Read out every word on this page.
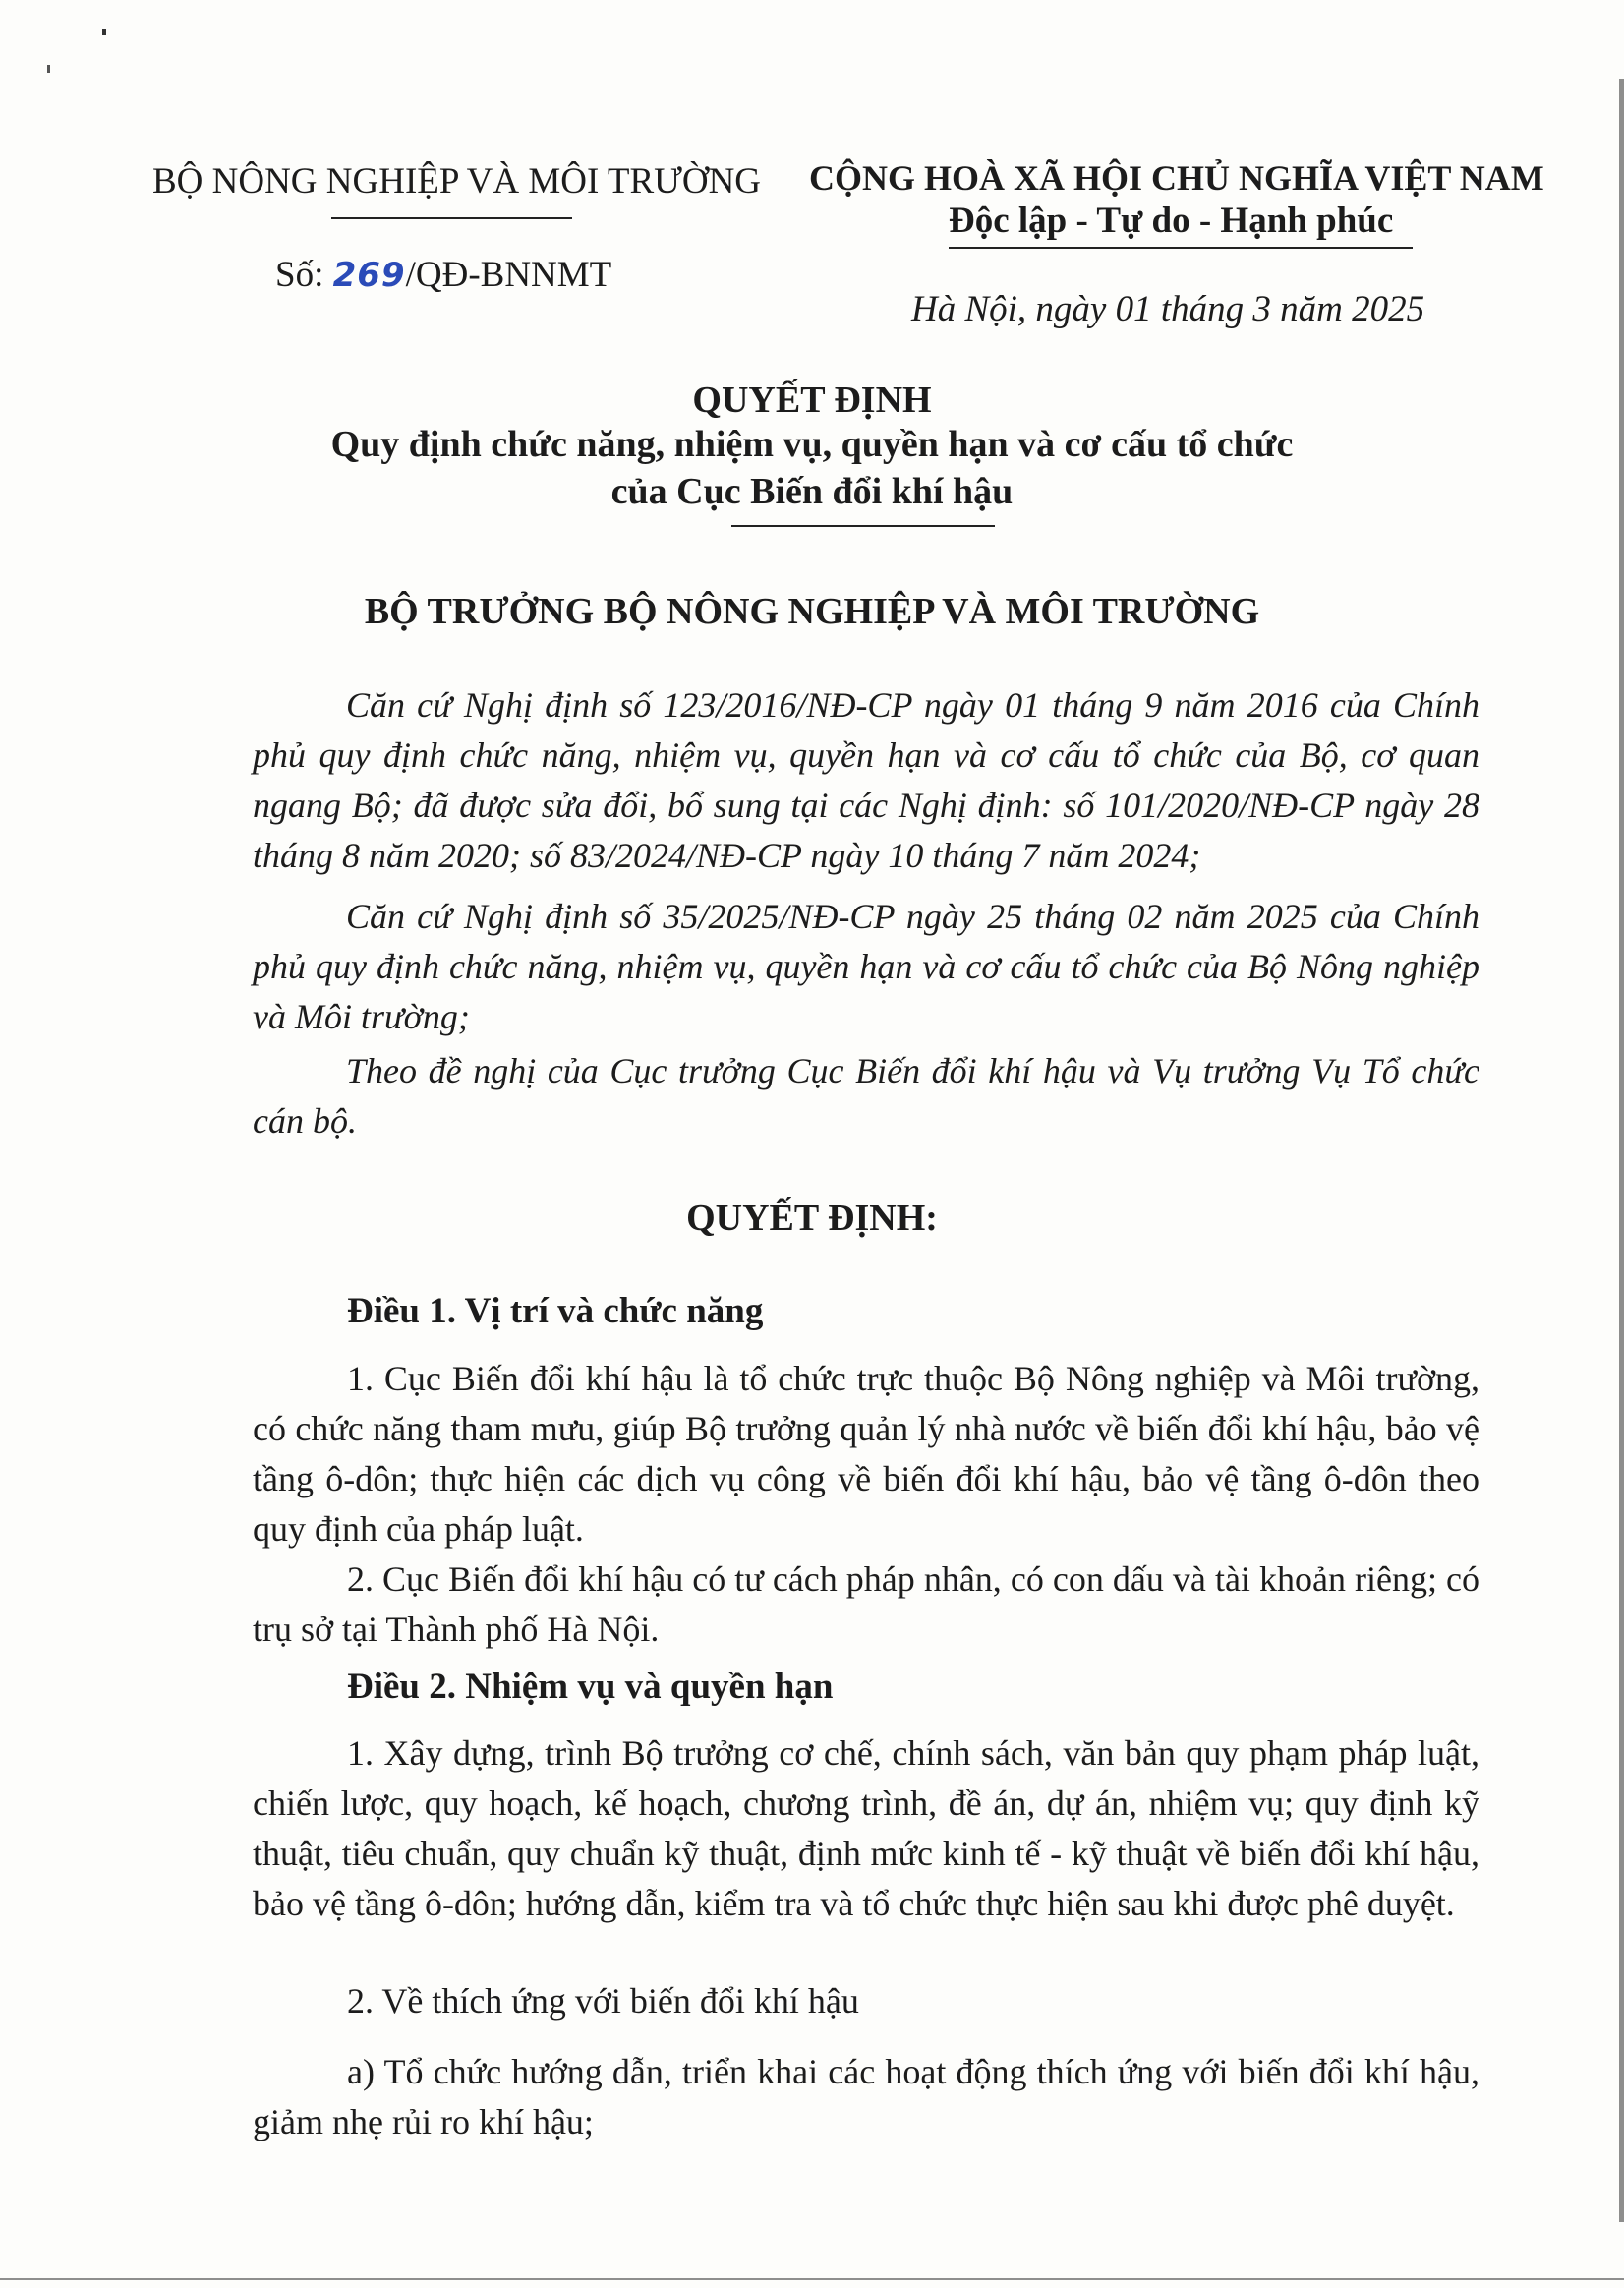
BỘ NÔNG NGHIỆP VÀ MÔI TRƯỜNG
Số: 269/QĐ-BNNMT
CỘNG HOÀ XÃ HỘI CHỦ NGHĨA VIỆT NAM
Độc lập - Tự do - Hạnh phúc
Hà Nội, ngày 01 tháng 3 năm 2025
QUYẾT ĐỊNH
Quy định chức năng, nhiệm vụ, quyền hạn và cơ cấu tổ chức
của Cục Biến đổi khí hậu
BỘ TRƯỞNG BỘ NÔNG NGHIỆP VÀ MÔI TRƯỜNG
Căn cứ Nghị định số 123/2016/NĐ-CP ngày 01 tháng 9 năm 2016 của Chính phủ quy định chức năng, nhiệm vụ, quyền hạn và cơ cấu tổ chức của Bộ, cơ quan ngang Bộ; đã được sửa đổi, bổ sung tại các Nghị định: số 101/2020/NĐ-CP ngày 28 tháng 8 năm 2020; số 83/2024/NĐ-CP ngày 10 tháng 7 năm 2024;
Căn cứ Nghị định số 35/2025/NĐ-CP ngày 25 tháng 02 năm 2025 của Chính phủ quy định chức năng, nhiệm vụ, quyền hạn và cơ cấu tổ chức của Bộ Nông nghiệp và Môi trường;
Theo đề nghị của Cục trưởng Cục Biến đổi khí hậu và Vụ trưởng Vụ Tổ chức cán bộ.
QUYẾT ĐỊNH:
Điều 1. Vị trí và chức năng
1. Cục Biến đổi khí hậu là tổ chức trực thuộc Bộ Nông nghiệp và Môi trường, có chức năng tham mưu, giúp Bộ trưởng quản lý nhà nước về biến đổi khí hậu, bảo vệ tầng ô-dôn; thực hiện các dịch vụ công về biến đổi khí hậu, bảo vệ tầng ô-dôn theo quy định của pháp luật.
2. Cục Biến đổi khí hậu có tư cách pháp nhân, có con dấu và tài khoản riêng; có trụ sở tại Thành phố Hà Nội.
Điều 2. Nhiệm vụ và quyền hạn
1. Xây dựng, trình Bộ trưởng cơ chế, chính sách, văn bản quy phạm pháp luật, chiến lược, quy hoạch, kế hoạch, chương trình, đề án, dự án, nhiệm vụ; quy định kỹ thuật, tiêu chuẩn, quy chuẩn kỹ thuật, định mức kinh tế - kỹ thuật về biến đổi khí hậu, bảo vệ tầng ô-dôn; hướng dẫn, kiểm tra và tổ chức thực hiện sau khi được phê duyệt.
2. Về thích ứng với biến đổi khí hậu
a) Tổ chức hướng dẫn, triển khai các hoạt động thích ứng với biến đổi khí hậu, giảm nhẹ rủi ro khí hậu;
